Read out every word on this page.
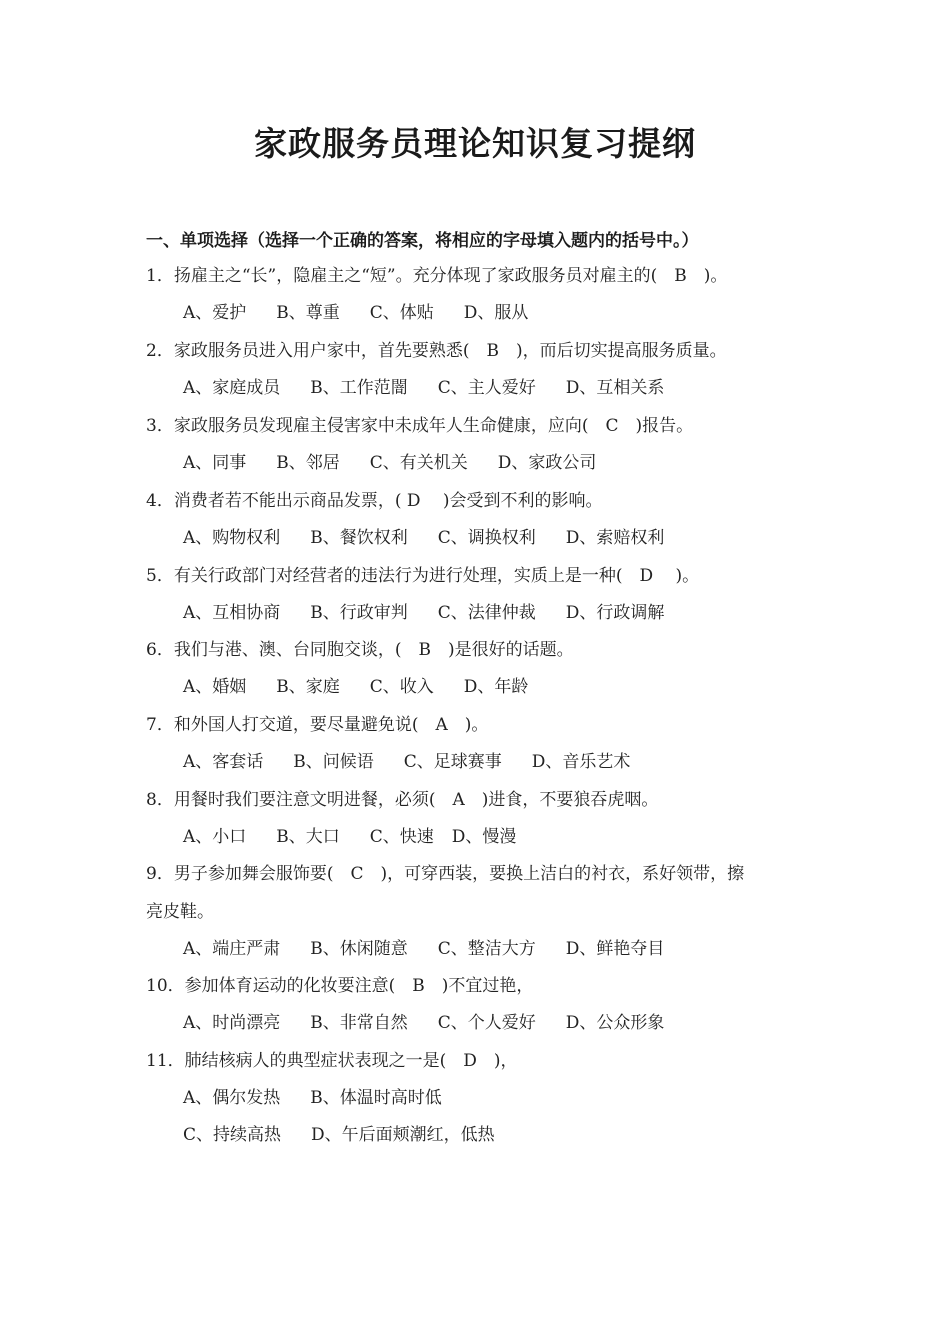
家政服务员理论知识复习提纲
一、单项选择（选择一个正确的答案，将相应的字母填入题内的括号中。）
1．扬雇主之“长”，隐雇主之“短”。充分体现了家政服务员对雇主的(　B　)。
A、爱护 B、尊重 C、体贴 D、服从
2．家政服务员进入用户家中，首先要熟悉(　B　)，而后切实提高服务质量。
A、家庭成员 B、工作范闇 C、主人爱好 D、互相关系
3．家政服务员发现雇主侵害家中未成年人生命健康，应向(　C　)报告。
A、同事 B、邻居 C、有关机关 D、家政公司
4．消费者若不能出示商品发票，( D　 )会受到不利的影响。
A、购物权利 B、餐饮权利 C、调换权利 D、索赔权利
5．有关行政部门对经营者的违法行为进行处理，实质上是一种(　D　 )。
A、互相协商 B、行政审判 C、法律仲裁 D、行政调解
6．我们与港、澳、台同胞交谈，(　B　)是很好的话题。
A、婚姻 B、家庭 C、收入 D、年龄
7．和外国人打交道，要尽量避免说(　A　)。
A、客套话 B、问候语 C、足球赛事 D、音乐艺术
8．用餐时我们要注意文明进餐，必须(　A　)进食，不要狼吞虎咽。
A、小口 B、大口 C、快速 D、慢漫
9．男子参加舞会服饰要(　C　)，可穿西装，要换上洁白的衬衣，系好领带，擦
亮皮鞋。
A、端庄严肃 B、休闲随意 C、整洁大方 D、鲜艳夺目
10．参加体育运动的化妆要注意(　B　)不宜过艳，
A、时尚漂亮 B、非常自然 C、个人爱好 D、公众形象
11．肺结核病人的典型症状表现之一是(　D　)，
A、偶尔发热 B、体温时高时低
C、持续高热 D、午后面颊潮红，低热
